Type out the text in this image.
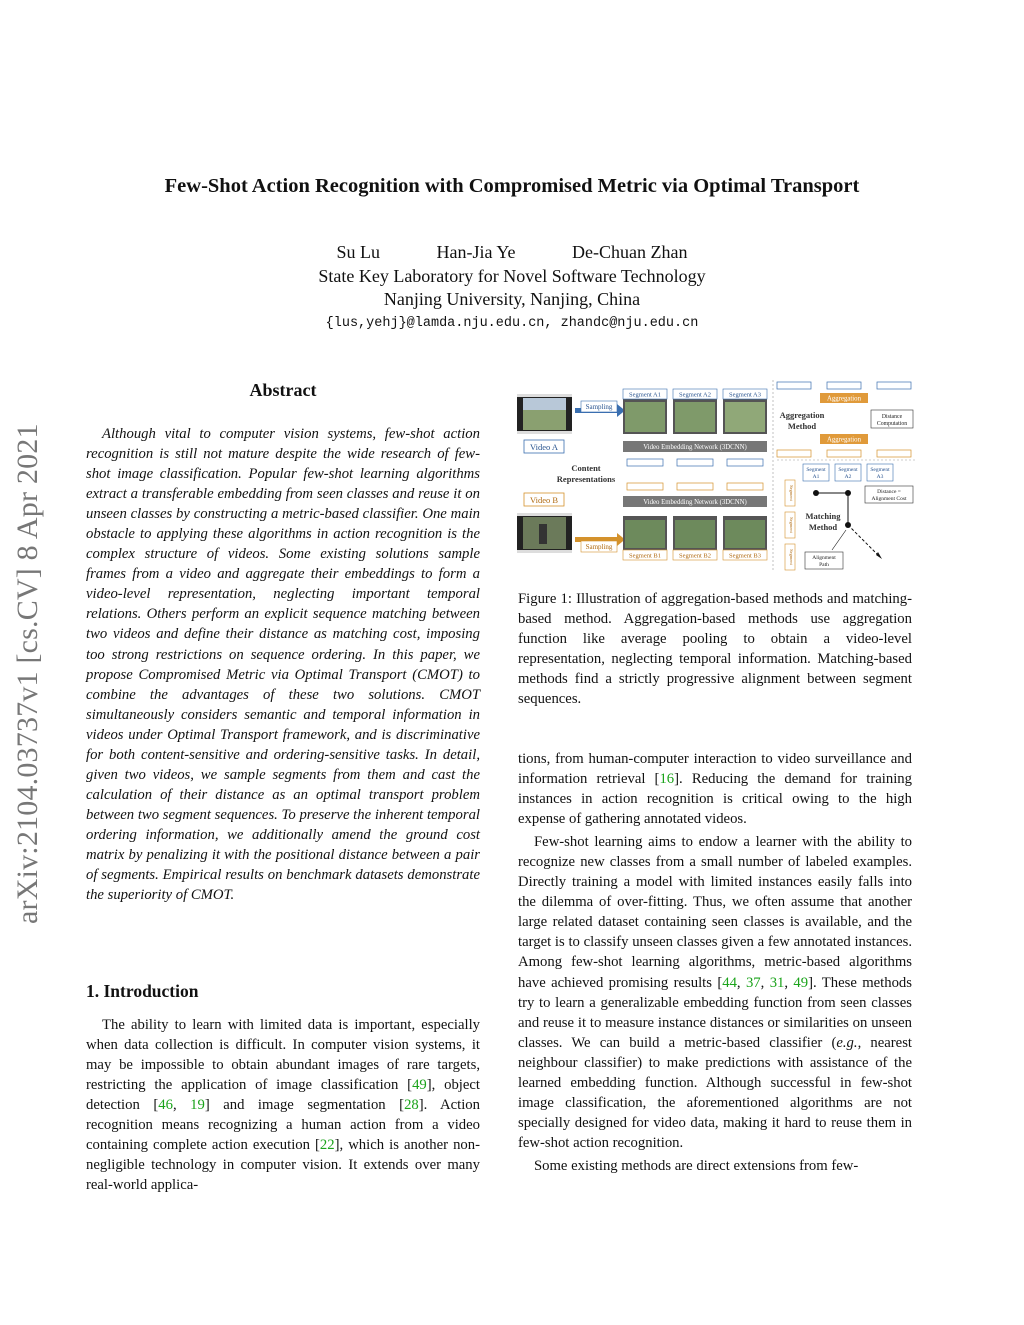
arXiv:2104.03737v1 [cs.CV] 8 Apr 2021
Few-Shot Action Recognition with Compromised Metric via Optimal Transport
Su Lu	Han-Jia Ye	De-Chuan Zhan
State Key Laboratory for Novel Software Technology
Nanjing University, Nanjing, China
{lus,yehj}@lamda.nju.edu.cn, zhandc@nju.edu.cn
Abstract
Although vital to computer vision systems, few-shot action recognition is still not mature despite the wide research of few-shot image classification. Popular few-shot learning algorithms extract a transferable embedding from seen classes and reuse it on unseen classes by constructing a metric-based classifier. One main obstacle to applying these algorithms in action recognition is the complex structure of videos. Some existing solutions sample frames from a video and aggregate their embeddings to form a video-level representation, neglecting important temporal relations. Others perform an explicit sequence matching between two videos and define their distance as matching cost, imposing too strong restrictions on sequence ordering. In this paper, we propose Compromised Metric via Optimal Transport (CMOT) to combine the advantages of these two solutions. CMOT simultaneously considers semantic and temporal information in videos under Optimal Transport framework, and is discriminative for both content-sensitive and ordering-sensitive tasks. In detail, given two videos, we sample segments from them and cast the calculation of their distance as an optimal transport problem between two segment sequences. To preserve the inherent temporal ordering information, we additionally amend the ground cost matrix by penalizing it with the positional distance between a pair of segments. Empirical results on benchmark datasets demonstrate the superiority of CMOT.
1. Introduction
The ability to learn with limited data is important, especially when data collection is difficult. In computer vision systems, it may be impossible to obtain abundant images of rare targets, restricting the application of image classification [49], object detection [46, 19] and image segmentation [28]. Action recognition means recognizing a human action from a video containing complete action execution [22], which is another non-negligible technology in computer vision. It extends over many real-world applica-
Video A
Video B
Sampling
Sampling
Segment A1	Segment A2	Segment A3
Video Embedding Network (3DCNN)
Content
Representations
Video Embedding Network (3DCNN)
Segment B1	Segment B2	Segment B3
Aggregation
Aggregation
Method
Distance
Computation
Aggregation
Segment
A1
Segment
A2
Segment
A3
Distance =
Alignment Cost
Segment
Segment
Segment
Matching
Method
Alignment
Path
Figure 1: Illustration of aggregation-based methods and matching-based method. Aggregation-based methods use aggregation function like average pooling to obtain a video-level representation, neglecting temporal information. Matching-based methods find a strictly progressive alignment between segment sequences.

tions, from human-computer interaction to video surveillance and information retrieval [16]. Reducing the demand for training instances in action recognition is critical owing to the high expense of gathering annotated videos.

Few-shot learning aims to endow a learner with the ability to recognize new classes from a small number of labeled examples. Directly training a model with limited instances easily falls into the dilemma of over-fitting. Thus, we often assume that another large related dataset containing seen classes is available, and the target is to classify unseen classes given a few annotated instances. Among few-shot learning algorithms, metric-based algorithms have achieved promising results [44, 37, 31, 49]. These methods try to learn a generalizable embedding function from seen classes and reuse it to measure instance distances or similarities on unseen classes. We can build a metric-based classifier (e.g., nearest neighbour classifier) to make predictions with assistance of the learned embedding function. Although successful in few-shot image classification, the aforementioned algorithms are not specially designed for video data, making it hard to reuse them in few-shot action recognition.

Some existing methods are direct extensions from few-
